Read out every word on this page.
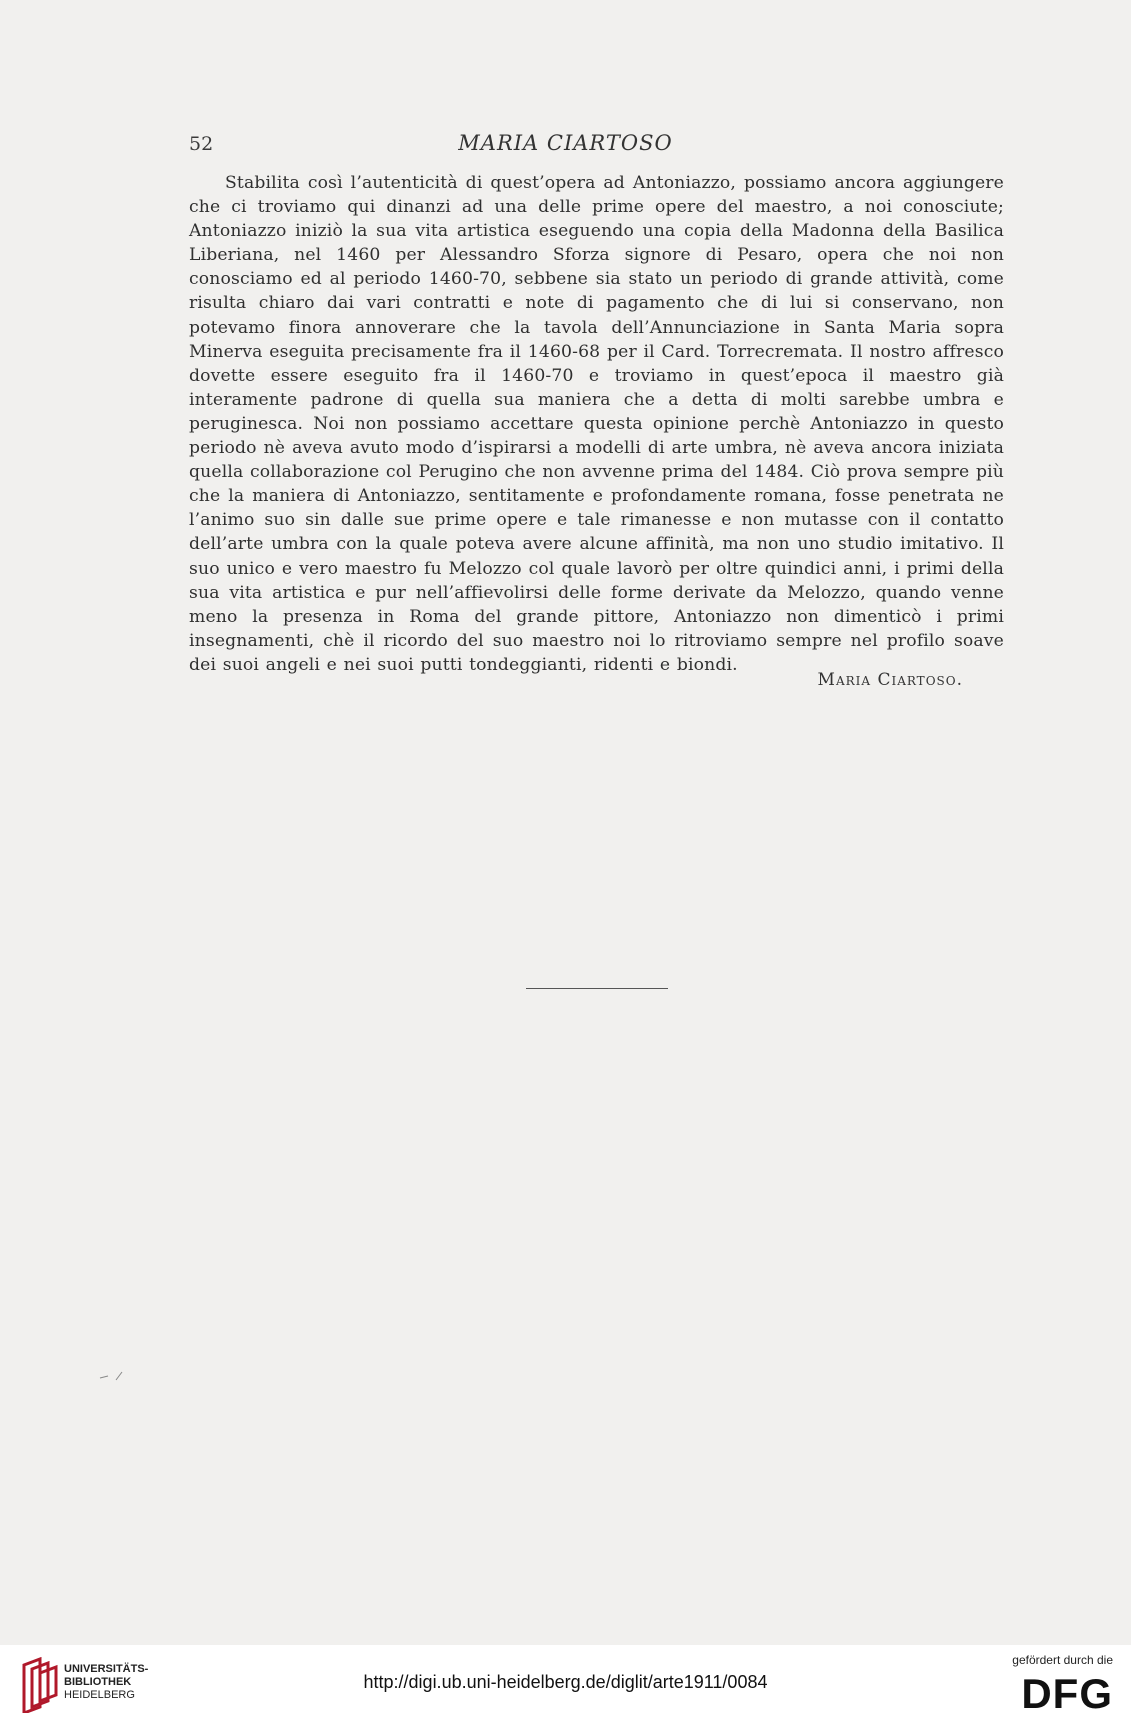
52	MARIA CIARTOSO

Stabilita così l’autenticità di quest’opera ad Antoniazzo, possiamo ancora aggiungere che ci troviamo qui dinanzi ad una delle prime opere del maestro, a noi conosciute; Antoniazzo iniziò la sua vita artistica eseguendo una copia della Madonna della Basilica Liberiana, nel 1460 per Alessandro Sforza signore di Pesaro, opera che noi non conosciamo ed al periodo 1460-70, sebbene sia stato un periodo di grande attività, come risulta chiaro dai vari contratti e note di pagamento che di lui si conservano, non potevamo finora annoverare che la tavola dell’Annunciazione in Santa Maria sopra Minerva eseguita precisamente fra il 1460-68 per il Card. Torrecremata. Il nostro affresco dovette essere eseguito fra il 1460-70 e troviamo in quest’epoca il maestro già interamente padrone di quella sua maniera che a detta di molti sarebbe umbra e peruginesca. Noi non possiamo accettare questa opinione perchè Antoniazzo in questo periodo nè aveva avuto modo d’ispirarsi a modelli di arte umbra, nè aveva ancora iniziata quella collaborazione col Perugino che non avvenne prima del 1484. Ciò prova sempre più che la maniera di Antoniazzo, sentitamente e profondamente romana, fosse penetrata ne l’animo suo sin dalle sue prime opere e tale rimanesse e non mutasse con il contatto dell’arte umbra con la quale poteva avere alcune affinità, ma non uno studio imitativo. Il suo unico e vero maestro fu Melozzo col quale lavorò per oltre quindici anni, i primi della sua vita artistica e pur nell’affievolirsi delle forme derivate da Melozzo, quando venne meno la presenza in Roma del grande pittore, Antoniazzo non dimenticò i primi insegnamenti, chè il ricordo del suo maestro noi lo ritroviamo sempre nel profilo soave dei suoi angeli e nei suoi putti tondeggianti, ridenti e biondi.

Maria Ciartoso.
UNIVERSITÄTS-
BIBLIOTHEK
HEIDELBERG
http://digi.ub.uni-heidelberg.de/diglit/arte1911/0084
gefördert durch die
DFG
